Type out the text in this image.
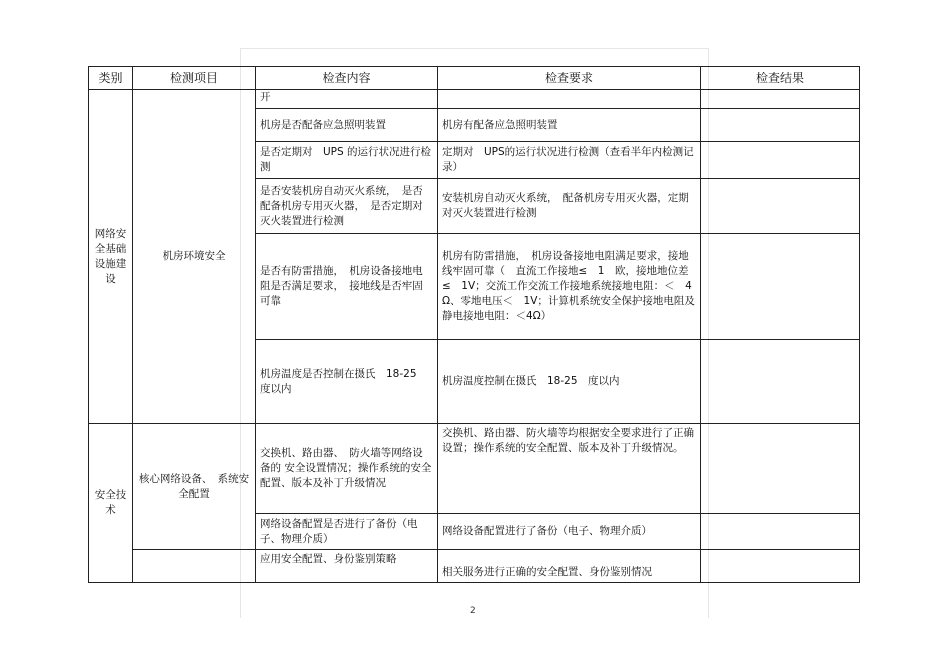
类别	检测项目	检查内容	检查要求	检查结果
网络安全基础设施建设	机房环境安全	开		
		机房是否配备应急照明装置	机房有配备应急照明装置	
		是否定期对　UPS 的运行状况进行检测	定期对　UPS的运行状况进行检测（查看半年内检测记录）	
		是否安装机房自动灭火系统，　是否配备机房专用灭火器，　是否定期对灭火装置进行检测	安装机房自动灭火系统，　配备机房专用灭火器，定期对灭火装置进行检测	
		是否有防雷措施，　机房设备接地电阻是否满足要求，　接地线是否牢固可靠	机房有防雷措施，　机房设备接地电阻满足要求，接地线牢固可靠（　直流工作接地≤　1　欧，接地地位差≤　1V；交流工作交流工作接地系统接地电阻：＜　4Ω、零地电压＜　1V；计算机系统安全保护接地电阻及静电接地电阻：＜4Ω）	
		机房温度是否控制在摄氏　18-25　度以内	机房温度控制在摄氏　18-25　度以内	
安全技术	核心网络设备、　系统安全配置	交换机、路由器、　防火墙等网络设备的 安全设置情况；操作系统的安全配置、版本及补丁升级情况	交换机、路由器、防火墙等均根据安全要求进行了正确设置；操作系统的安全配置、版本及补丁升级情况。	
		网络设备配置是否进行了备份（电子、物理介质）	网络设备配置进行了备份（电子、物理介质）	
		应用安全配置、身份鉴别策略	相关服务进行正确的安全配置、身份鉴别情况	
2
